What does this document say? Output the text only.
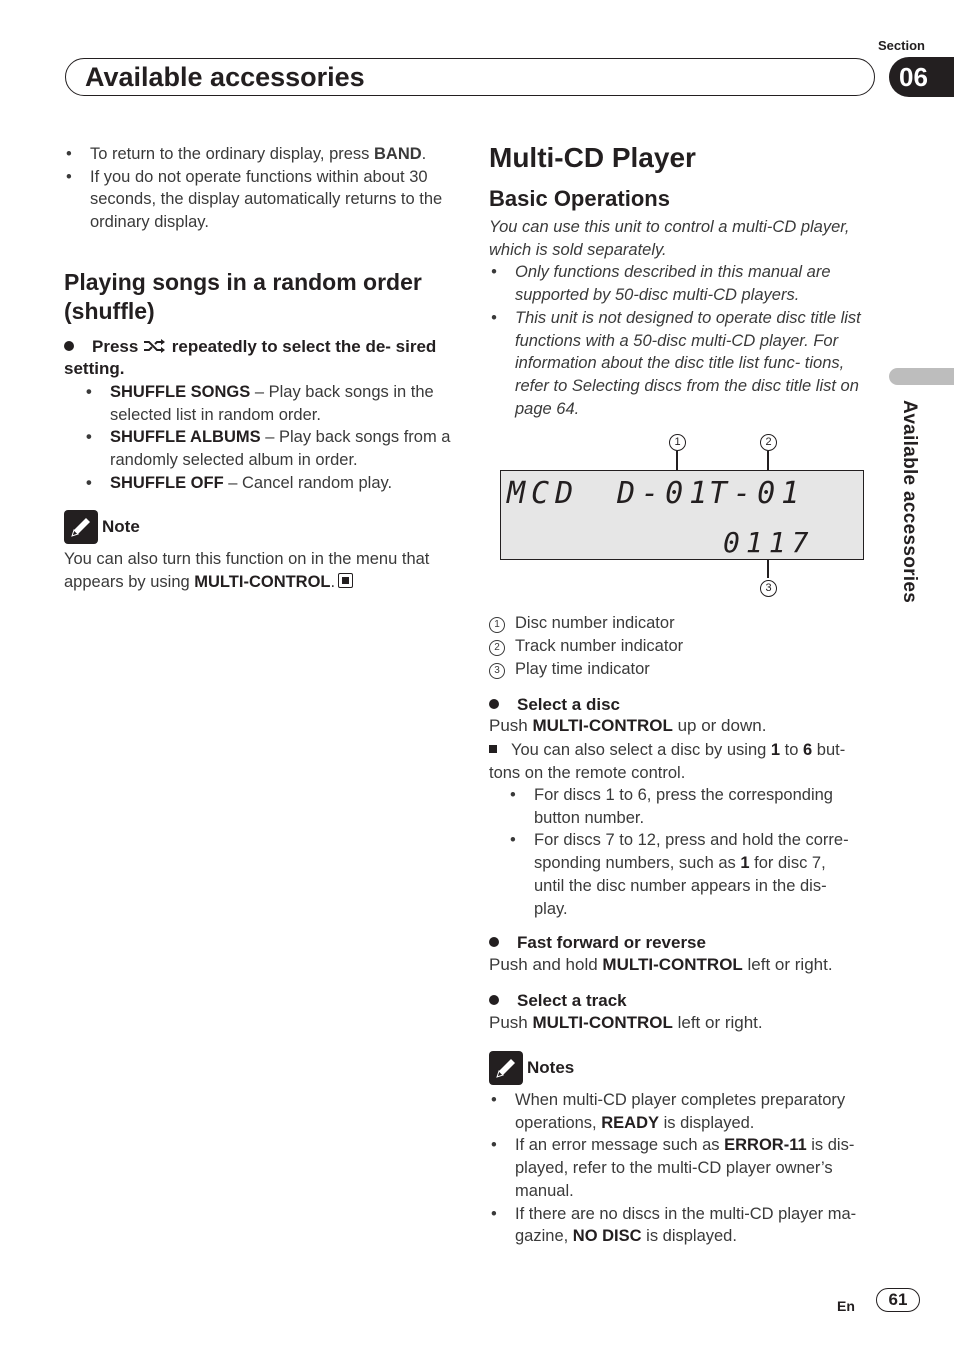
Section
Available accessories	06
Available accessories
• To return to the ordinary display, press BAND.
• If you do not operate functions within about 30 seconds, the display automatically returns to the ordinary display.
Playing songs in a random order (shuffle)
Press  repeatedly to select the de- sired setting.
• SHUFFLE SONGS – Play back songs in the selected list in random order.
• SHUFFLE ALBUMS – Play back songs from a randomly selected album in order.
• SHUFFLE OFF – Cancel random play.
Note
You can also turn this function on in the menu that appears by using MULTI-CONTROL.
Multi-CD Player
Basic Operations
You can use this unit to control a multi-CD player, which is sold separately.
• Only functions described in this manual are supported by 50-disc multi-CD players.
• This unit is not designed to operate disc title list functions with a 50-disc multi-CD player. For information about the disc title list func- tions, refer to Selecting discs from the disc title list on page 64.
1	2
MCD D-01
T-01
0117
3
1 Disc number indicator
2 Track number indicator
3 Play time indicator
Select a disc
Push MULTI-CONTROL up or down.
You can also select a disc by using 1 to 6 but- tons on the remote control.
• For discs 1 to 6, press the corresponding button number.
• For discs 7 to 12, press and hold the corre- sponding numbers, such as 1 for disc 7, until the disc number appears in the dis- play.
Fast forward or reverse
Push and hold MULTI-CONTROL left or right.
Select a track
Push MULTI-CONTROL left or right.
Notes
• When multi-CD player completes preparatory operations, READY is displayed.
• If an error message such as ERROR-11 is dis- played, refer to the multi-CD player owner’s manual.
• If there are no discs in the multi-CD player ma- gazine, NO DISC is displayed.
En	61
